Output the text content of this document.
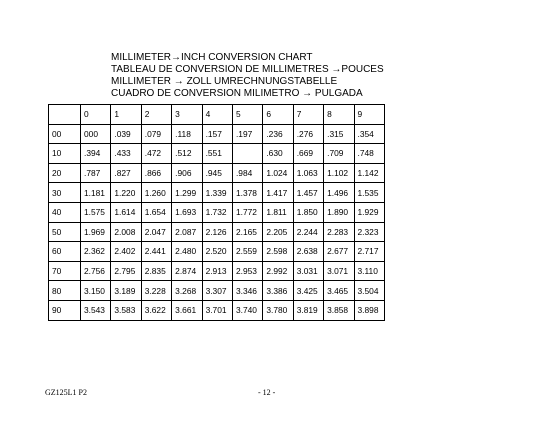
MILLIMETER→INCH CONVERSION CHART
TABLEAU DE CONVERSION DE MILLIMETRES →POUCES
MILLIMETER → ZOLL UMRECHNUNGSTABELLE
CUADRO DE CONVERSION MILIMETRO → PULGADA
	0	1	2	3	4	5	6	7	8	9
00	000	.039	.079	.118	.157	.197	.236	.276	.315	.354
10	.394	.433	.472	.512	.551		.630	.669	.709	.748
20	.787	.827	.866	.906	.945	.984	1.024	1.063	1.102	1.142
30	1.181	1.220	1.260	1.299	1.339	1.378	1.417	1.457	1.496	1.535
40	1.575	1.614	1.654	1.693	1.732	1.772	1.811	1.850	1.890	1.929
50	1.969	2.008	2.047	2.087	2.126	2.165	2.205	2.244	2.283	2.323
60	2.362	2.402	2.441	2.480	2.520	2.559	2.598	2.638	2.677	2.717
70	2.756	2.795	2.835	2.874	2.913	2.953	2.992	3.031	3.071	3.110
80	3.150	3.189	3.228	3.268	3.307	3.346	3.386	3.425	3.465	3.504
90	3.543	3.583	3.622	3.661	3.701	3.740	3.780	3.819	3.858	3.898
GZ125L1 P2	- 12 -
